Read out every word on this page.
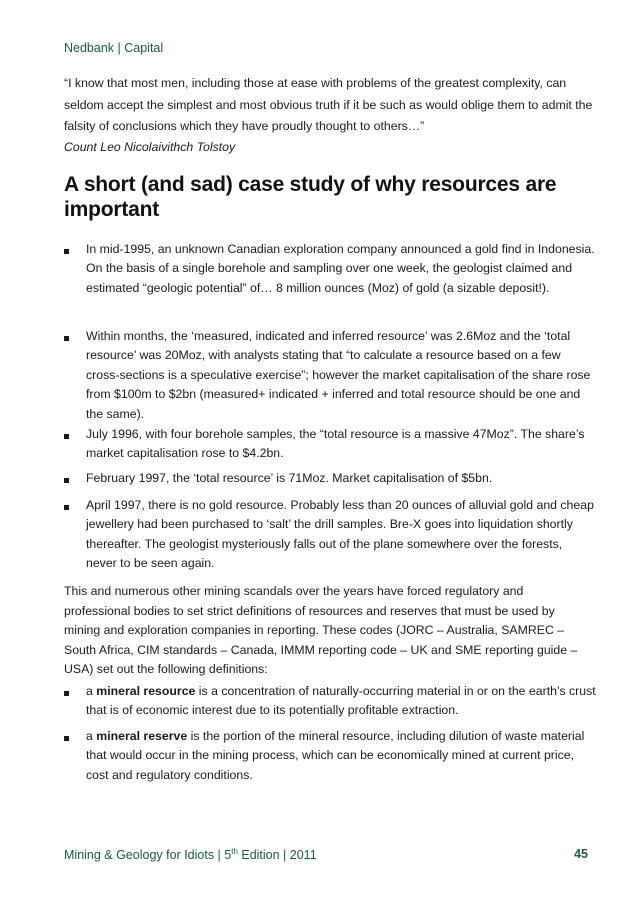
Nedbank | Capital
“I know that most men, including those at ease with problems of the greatest complexity, can seldom accept the simplest and most obvious truth if it be such as would oblige them to admit the falsity of conclusions which they have proudly thought to others…”
Count Leo Nicolaivithch Tolstoy
A short (and sad) case study of why resources are important
In mid-1995, an unknown Canadian exploration company announced a gold find in Indonesia. On the basis of a single borehole and sampling over one week, the geologist claimed and estimated “geologic potential” of… 8 million ounces (Moz) of gold (a sizable deposit!).
Within months, the ‘measured, indicated and inferred resource’ was 2.6Moz and the ‘total resource’ was 20Moz, with analysts stating that “to calculate a resource based on a few cross-sections is a speculative exercise”; however the market capitalisation of the share rose from $100m to $2bn (measured+ indicated + inferred and total resource should be one and the same).
July 1996, with four borehole samples, the “total resource is a massive 47Moz”. The share’s market capitalisation rose to $4.2bn.
February 1997, the ‘total resource’ is 71Moz. Market capitalisation of $5bn.
April 1997, there is no gold resource. Probably less than 20 ounces of alluvial gold and cheap jewellery had been purchased to ‘salt’ the drill samples. Bre-X goes into liquidation shortly thereafter. The geologist mysteriously falls out of the plane somewhere over the forests, never to be seen again.
This and numerous other mining scandals over the years have forced regulatory and professional bodies to set strict definitions of resources and reserves that must be used by mining and exploration companies in reporting. These codes (JORC – Australia, SAMREC – South Africa, CIM standards – Canada, IMMM reporting code – UK and SME reporting guide – USA) set out the following definitions:
a mineral resource is a concentration of naturally-occurring material in or on the earth’s crust that is of economic interest due to its potentially profitable extraction.
a mineral reserve is the portion of the mineral resource, including dilution of waste material that would occur in the mining process, which can be economically mined at current price, cost and regulatory conditions.
Mining & Geology for Idiots | 5th Edition | 2011	45
